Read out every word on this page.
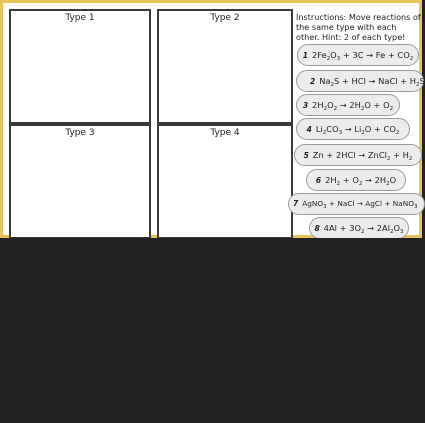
Type 1	Type 2
Type 3	Type 4
Instructions: Move reactions of the same type with each other. Hint: 2 of each type!
1 $2Fe_2O_3 + 3C \to Fe + CO_2$
2 $Na_2S$ + HCl → NaCl + $H_2S$
3 $2H_2O_2 \to 2H_2O + O_2$
4 $Li_2CO_3 \to Li_2O + CO_2$
5 Zn + 2HCl → ZnCl$_2$ + $H_2$
6 $2H_2 + O_2 \to 2H_2O$
7 AgNO$_3$ + NaCl → AgCl + NaNO$_3$
8 $4Al + 3O_2 \to 2Al_2O_3$
